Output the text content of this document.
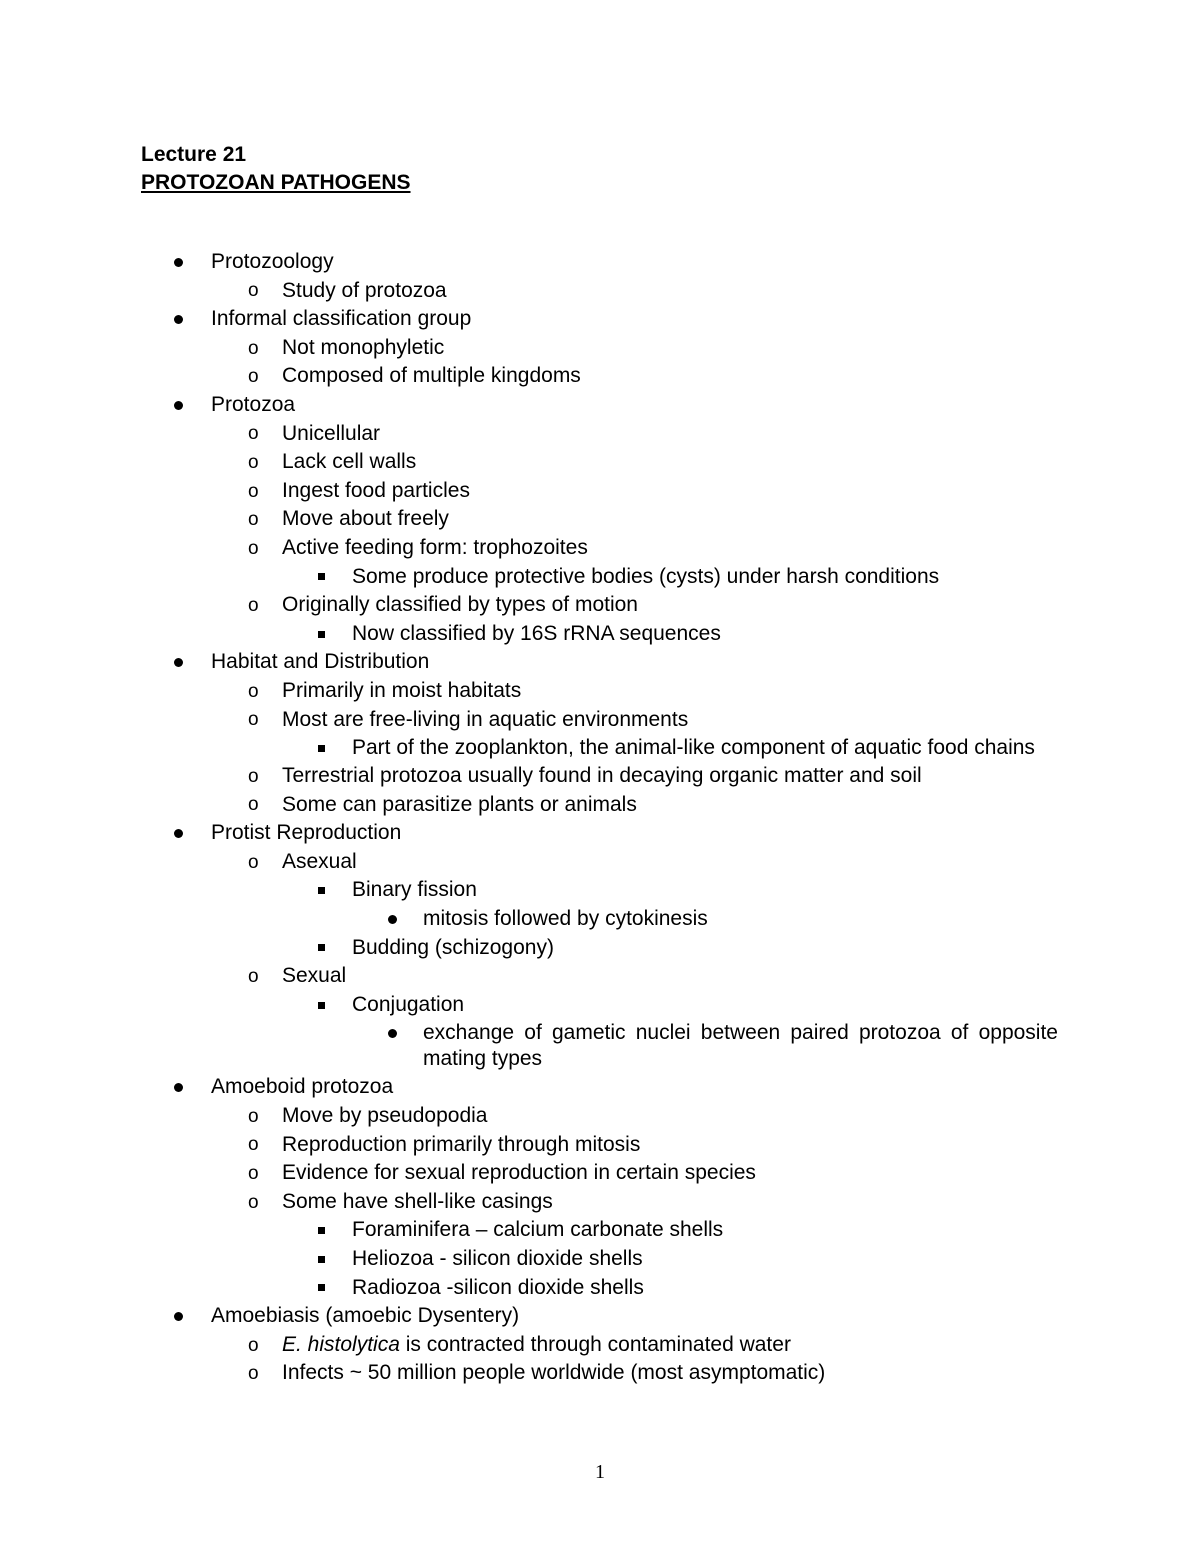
Lecture 21
PROTOZOAN PATHOGENS
Protozoology
o Study of protozoa
Informal classification group
o Not monophyletic
o Composed of multiple kingdoms
Protozoa
o Unicellular
o Lack cell walls
o Ingest food particles
o Move about freely
o Active feeding form: trophozoites
Some produce protective bodies (cysts) under harsh conditions
o Originally classified by types of motion
Now classified by 16S rRNA sequences
Habitat and Distribution
o Primarily in moist habitats
o Most are free-living in aquatic environments
Part of the zooplankton, the animal-like component of aquatic food chains
o Terrestrial protozoa usually found in decaying organic matter and soil
o Some can parasitize plants or animals
Protist Reproduction
o Asexual
Binary fission
mitosis followed by cytokinesis
Budding (schizogony)
o Sexual
Conjugation
exchange of gametic nuclei between paired protozoa of opposite mating types
Amoeboid protozoa
o Move by pseudopodia
o Reproduction primarily through mitosis
o Evidence for sexual reproduction in certain species
o Some have shell-like casings
Foraminifera – calcium carbonate shells
Heliozoa - silicon dioxide shells
Radiozoa -silicon dioxide shells
Amoebiasis (amoebic Dysentery)
o E. histolytica is contracted through contaminated water
o Infects ~ 50 million people worldwide (most asymptomatic)
1
